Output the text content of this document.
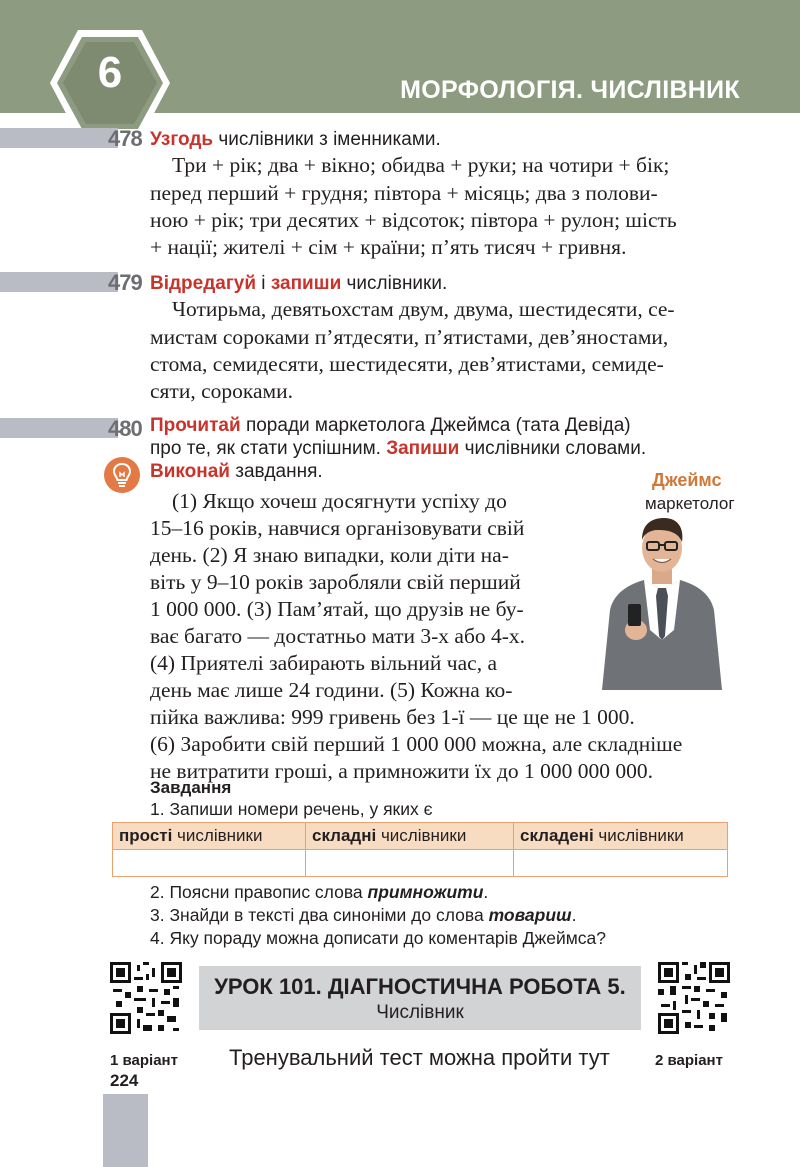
6	МОРФОЛОГІЯ. ЧИСЛІВНИК
478 Узгодь числівники з іменниками.
Три + рік; два + вікно; обидва + руки; на чотири + бік;
перед перший + грудня; півтора + місяць; два з полови-
ною + рік; три десятих + відсоток; півтора + рулон; шість
+ нації; жителі + сім + країни; п’ять тисяч + гривня.
479 Відредагуй і запиши числівники.
Чотирьма, девятьохстам двум, двума, шестидесяти, се-
мистам сороками п’ятдесяти, п’ятистами, дев’яностами,
стома, семидесяти, шестидесяти, дев’ятистами, семиде-
сяти, сороками.
480 Прочитай поради маркетолога Джеймса (тата Девіда)
про те, як стати успішним. Запиши числівники словами.
Виконай завдання.	Джеймс
маркетолог
(1) Якщо хочеш досягнути успіху до
15–16 років, навчися організовувати свій
день. (2) Я знаю випадки, коли діти на-
віть у 9–10 років заробляли свій перший
1 000 000. (3) Пам’ятай, що друзів не бу-
ває багато — достатньо мати 3-х або 4-х.
(4) Приятелі забирають вільний час, а
день має лише 24 години. (5) Кожна ко-
пійка важлива: 999 гривень без 1-ї — це ще не 1 000.
(6) Заробити свій перший 1 000 000 можна, але складніше
не витратити гроші, а примножити їх до 1 000 000 000.
Завдання
1. Запиши номери речень, у яких є
прості числівники	складні числівники	складені числівники

2. Поясни правопис слова примножити.
3. Знайди в тексті два синоніми до слова товариш.
4. Яку пораду можна дописати до коментарів Джеймса?
УРОК 101. ДІАГНОСТИЧНА РОБОТА 5.
Числівник
1 варіант	2 варіант
Тренувальний тест можна пройти тут
224
